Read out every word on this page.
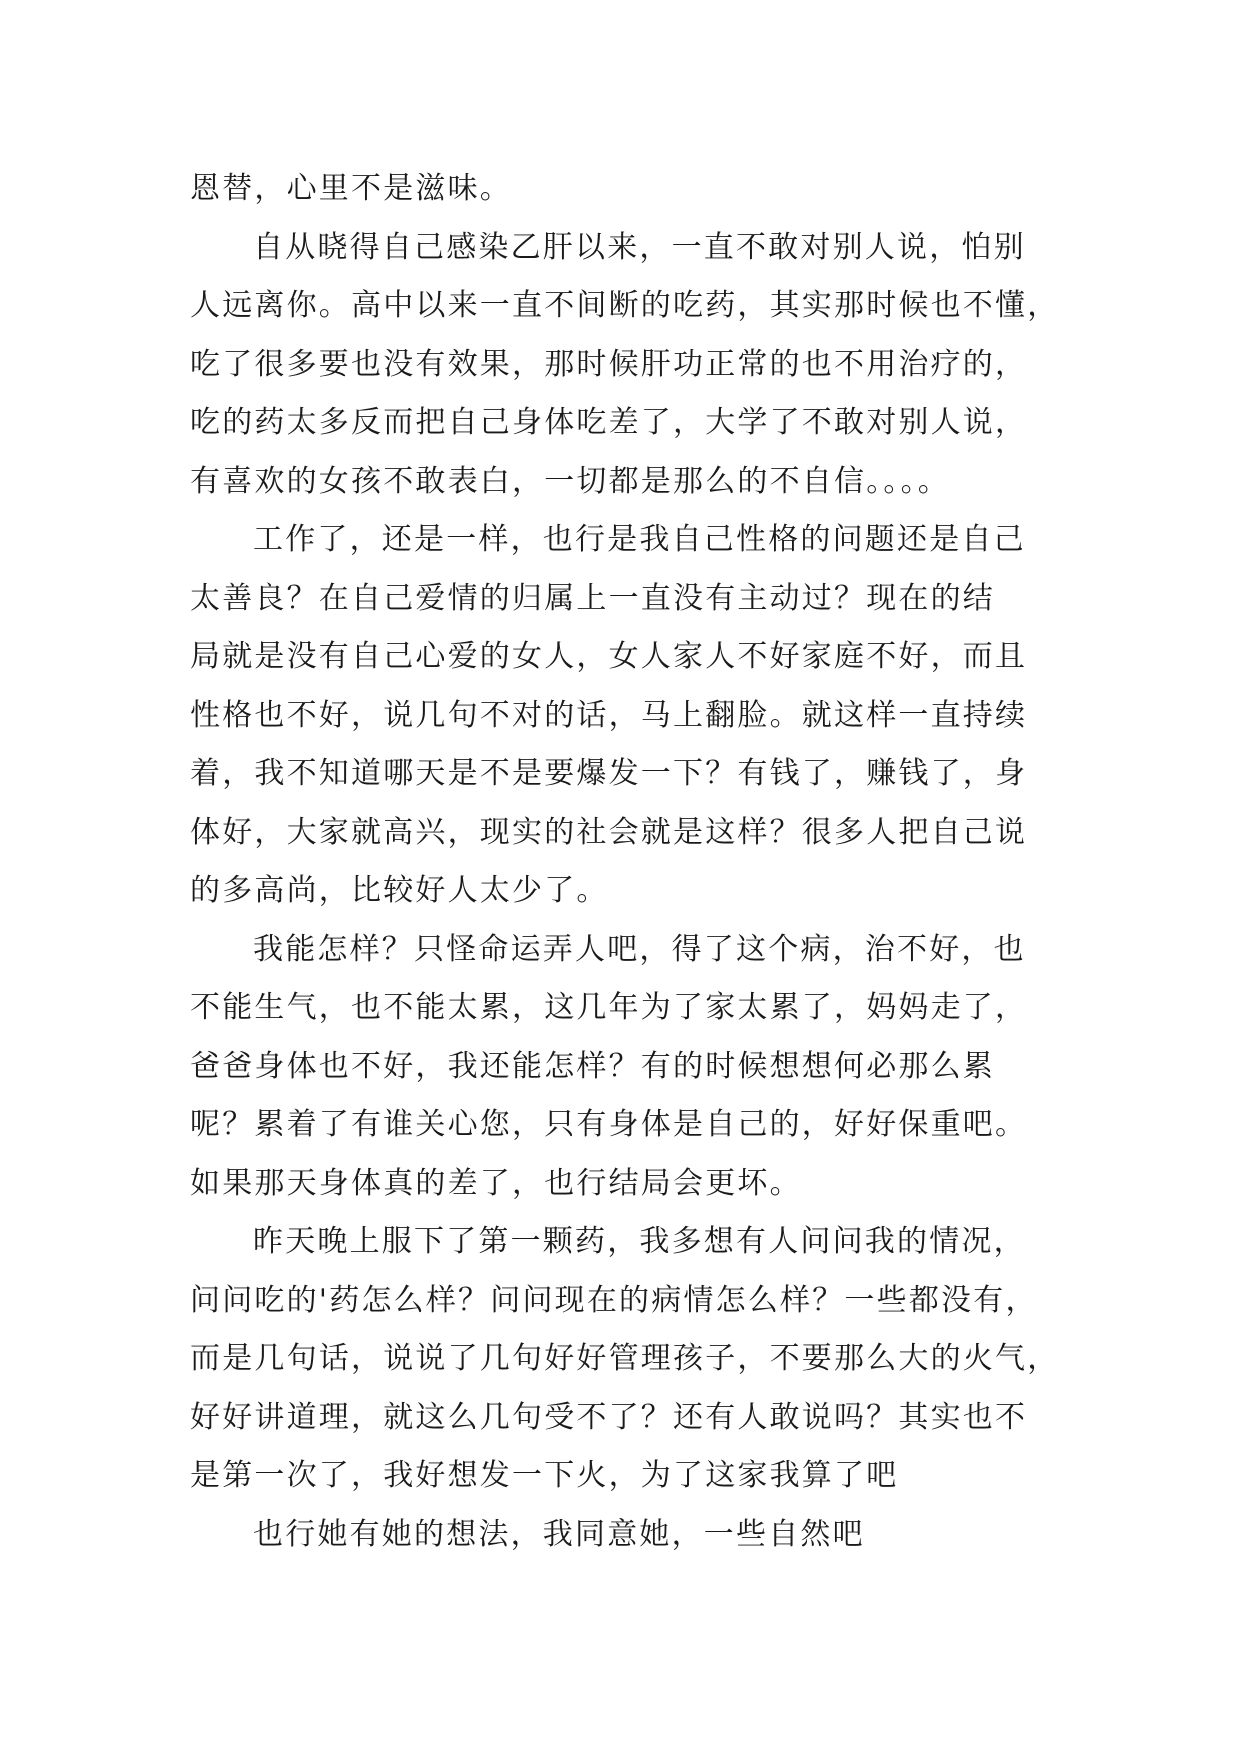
恩替，心里不是滋味。
自从晓得自己感染乙肝以来，一直不敢对别人说，怕别
人远离你。高中以来一直不间断的吃药，其实那时候也不懂，
吃了很多要也没有效果，那时候肝功正常的也不用治疗的，
吃的药太多反而把自己身体吃差了，大学了不敢对别人说，
有喜欢的女孩不敢表白，一切都是那么的不自信。。。。
工作了，还是一样，也行是我自己性格的问题还是自己
太善良？在自己爱情的归属上一直没有主动过？现在的结
局就是没有自己心爱的女人，女人家人不好家庭不好，而且
性格也不好，说几句不对的话，马上翻脸。就这样一直持续
着，我不知道哪天是不是要爆发一下？有钱了，赚钱了，身
体好，大家就高兴，现实的社会就是这样？很多人把自己说
的多高尚，比较好人太少了。
我能怎样？只怪命运弄人吧，得了这个病，治不好，也
不能生气，也不能太累，这几年为了家太累了，妈妈走了，
爸爸身体也不好，我还能怎样？有的时候想想何必那么累
呢？累着了有谁关心您，只有身体是自己的，好好保重吧。
如果那天身体真的差了，也行结局会更坏。
昨天晚上服下了第一颗药，我多想有人问问我的情况，
问问吃的'药怎么样？问问现在的病情怎么样？一些都没有，
而是几句话，说说了几句好好管理孩子，不要那么大的火气，
好好讲道理，就这么几句受不了？还有人敢说吗？其实也不
是第一次了，我好想发一下火，为了这家我算了吧
也行她有她的想法，我同意她，一些自然吧
